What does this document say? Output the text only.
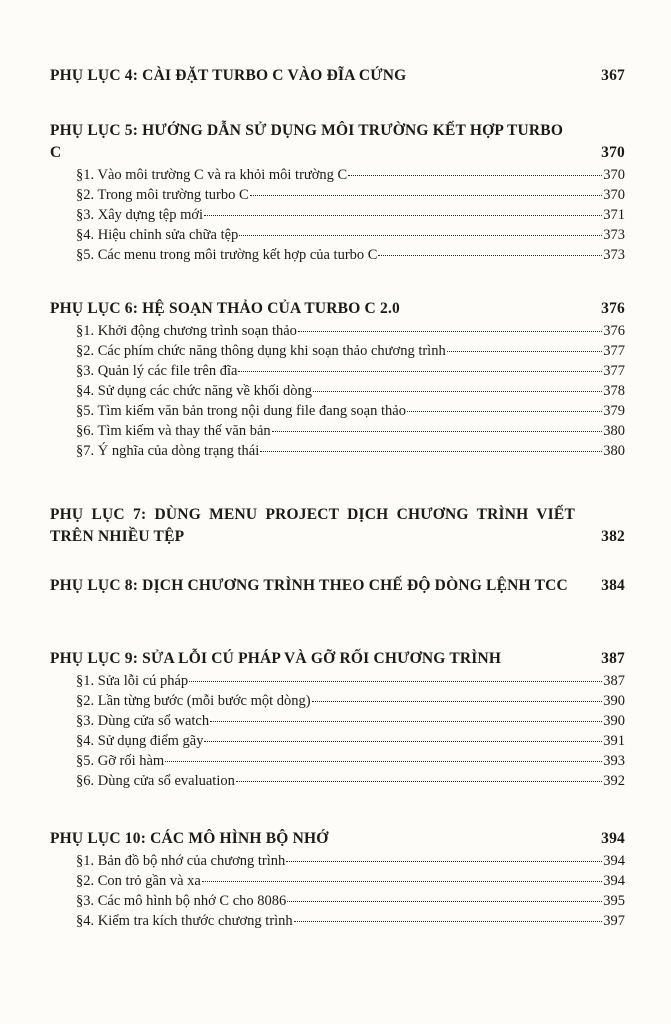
PHỤ LỤC 4: CÀI ĐẶT TURBO C VÀO ĐĨA CỨNG	367
PHỤ LỤC 5: HƯỚNG DẪN SỬ DỤNG MÔI TRƯỜNG KẾT HỢP TURBO C	370
§1. Vào môi trường C và ra khỏi môi trường C	370
§2. Trong môi trường turbo C	370
§3. Xây dựng tệp mới	371
§4. Hiệu chỉnh sửa chữa tệp	373
§5. Các menu trong môi trường kết hợp của turbo C	373
PHỤ LỤC 6: HỆ SOẠN THẢO CỦA TURBO C 2.0	376
§1. Khởi động chương trình soạn thảo	376
§2. Các phím chức năng thông dụng khi soạn thảo chương trình	377
§3. Quản lý các file trên đĩa	377
§4. Sử dụng các chức năng về khối dòng	378
§5. Tìm kiếm văn bản trong nội dung file đang soạn thảo	379
§6. Tìm kiếm và thay thế văn bản	380
§7. Ý nghĩa của dòng trạng thái	380
PHỤ LỤC 7: DÙNG MENU PROJECT DỊCH CHƯƠNG TRÌNH VIẾT TRÊN NHIỀU TỆP	382
PHỤ LỤC 8: DỊCH CHƯƠNG TRÌNH THEO CHẾ ĐỘ DÒNG LỆNH TCC	384
PHỤ LỤC 9: SỬA LỖI CÚ PHÁP VÀ GỠ RỐI CHƯƠNG TRÌNH	387
§1. Sửa lỗi cú pháp	387
§2. Lần từng bước (mỗi bước một dòng)	390
§3. Dùng cửa sổ watch	390
§4. Sử dụng điểm gãy	391
§5. Gỡ rối hàm	393
§6. Dùng cửa sổ evaluation	392
PHỤ LỤC 10: CÁC MÔ HÌNH BỘ NHỚ	394
§1. Bản đồ bộ nhớ của chương trình	394
§2. Con trỏ gần và xa	394
§3. Các mô hình bộ nhớ C cho 8086	395
§4. Kiểm tra kích thước chương trình	397
